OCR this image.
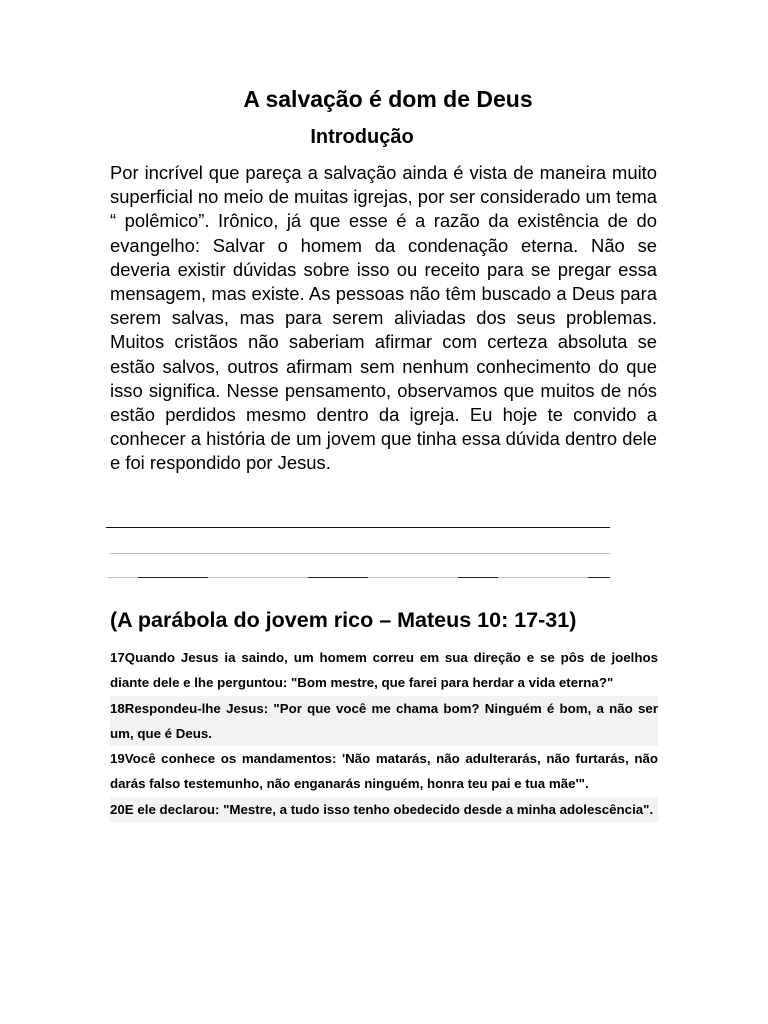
A salvação é dom de Deus
Introdução

Por incrível que pareça a salvação ainda é vista de maneira muito superficial no meio de muitas igrejas, por ser considerado um tema “ polêmico”. Irônico, já que esse é a razão da existência de do evangelho: Salvar o homem da condenação eterna. Não se deveria existir dúvidas sobre isso ou receito para se pregar essa mensagem, mas existe. As pessoas não têm buscado a Deus para serem salvas, mas para serem aliviadas dos seus problemas. Muitos cristãos não saberiam afirmar com certeza absoluta se estão salvos, outros afirmam sem nenhum conhecimento do que isso significa. Nesse pensamento, observamos que muitos de nós estão perdidos mesmo dentro da igreja. Eu hoje te convido a conhecer a história de um jovem que tinha essa dúvida dentro dele e foi respondido por Jesus.

(A parábola do jovem rico – Mateus 10: 17-31)

17Quando Jesus ia saindo, um homem correu em sua direção e se pôs de joelhos diante dele e lhe perguntou: "Bom mestre, que farei para herdar a vida eterna?"

18Respondeu-lhe Jesus: "Por que você me chama bom? Ninguém é bom, a não ser um, que é Deus.

19Você conhece os mandamentos: 'Não matarás, não adulterarás, não furtarás, não darás falso testemunho, não enganarás ninguém, honra teu pai e tua mãe'".

20E ele declarou: "Mestre, a tudo isso tenho obedecido desde a minha adolescência".
